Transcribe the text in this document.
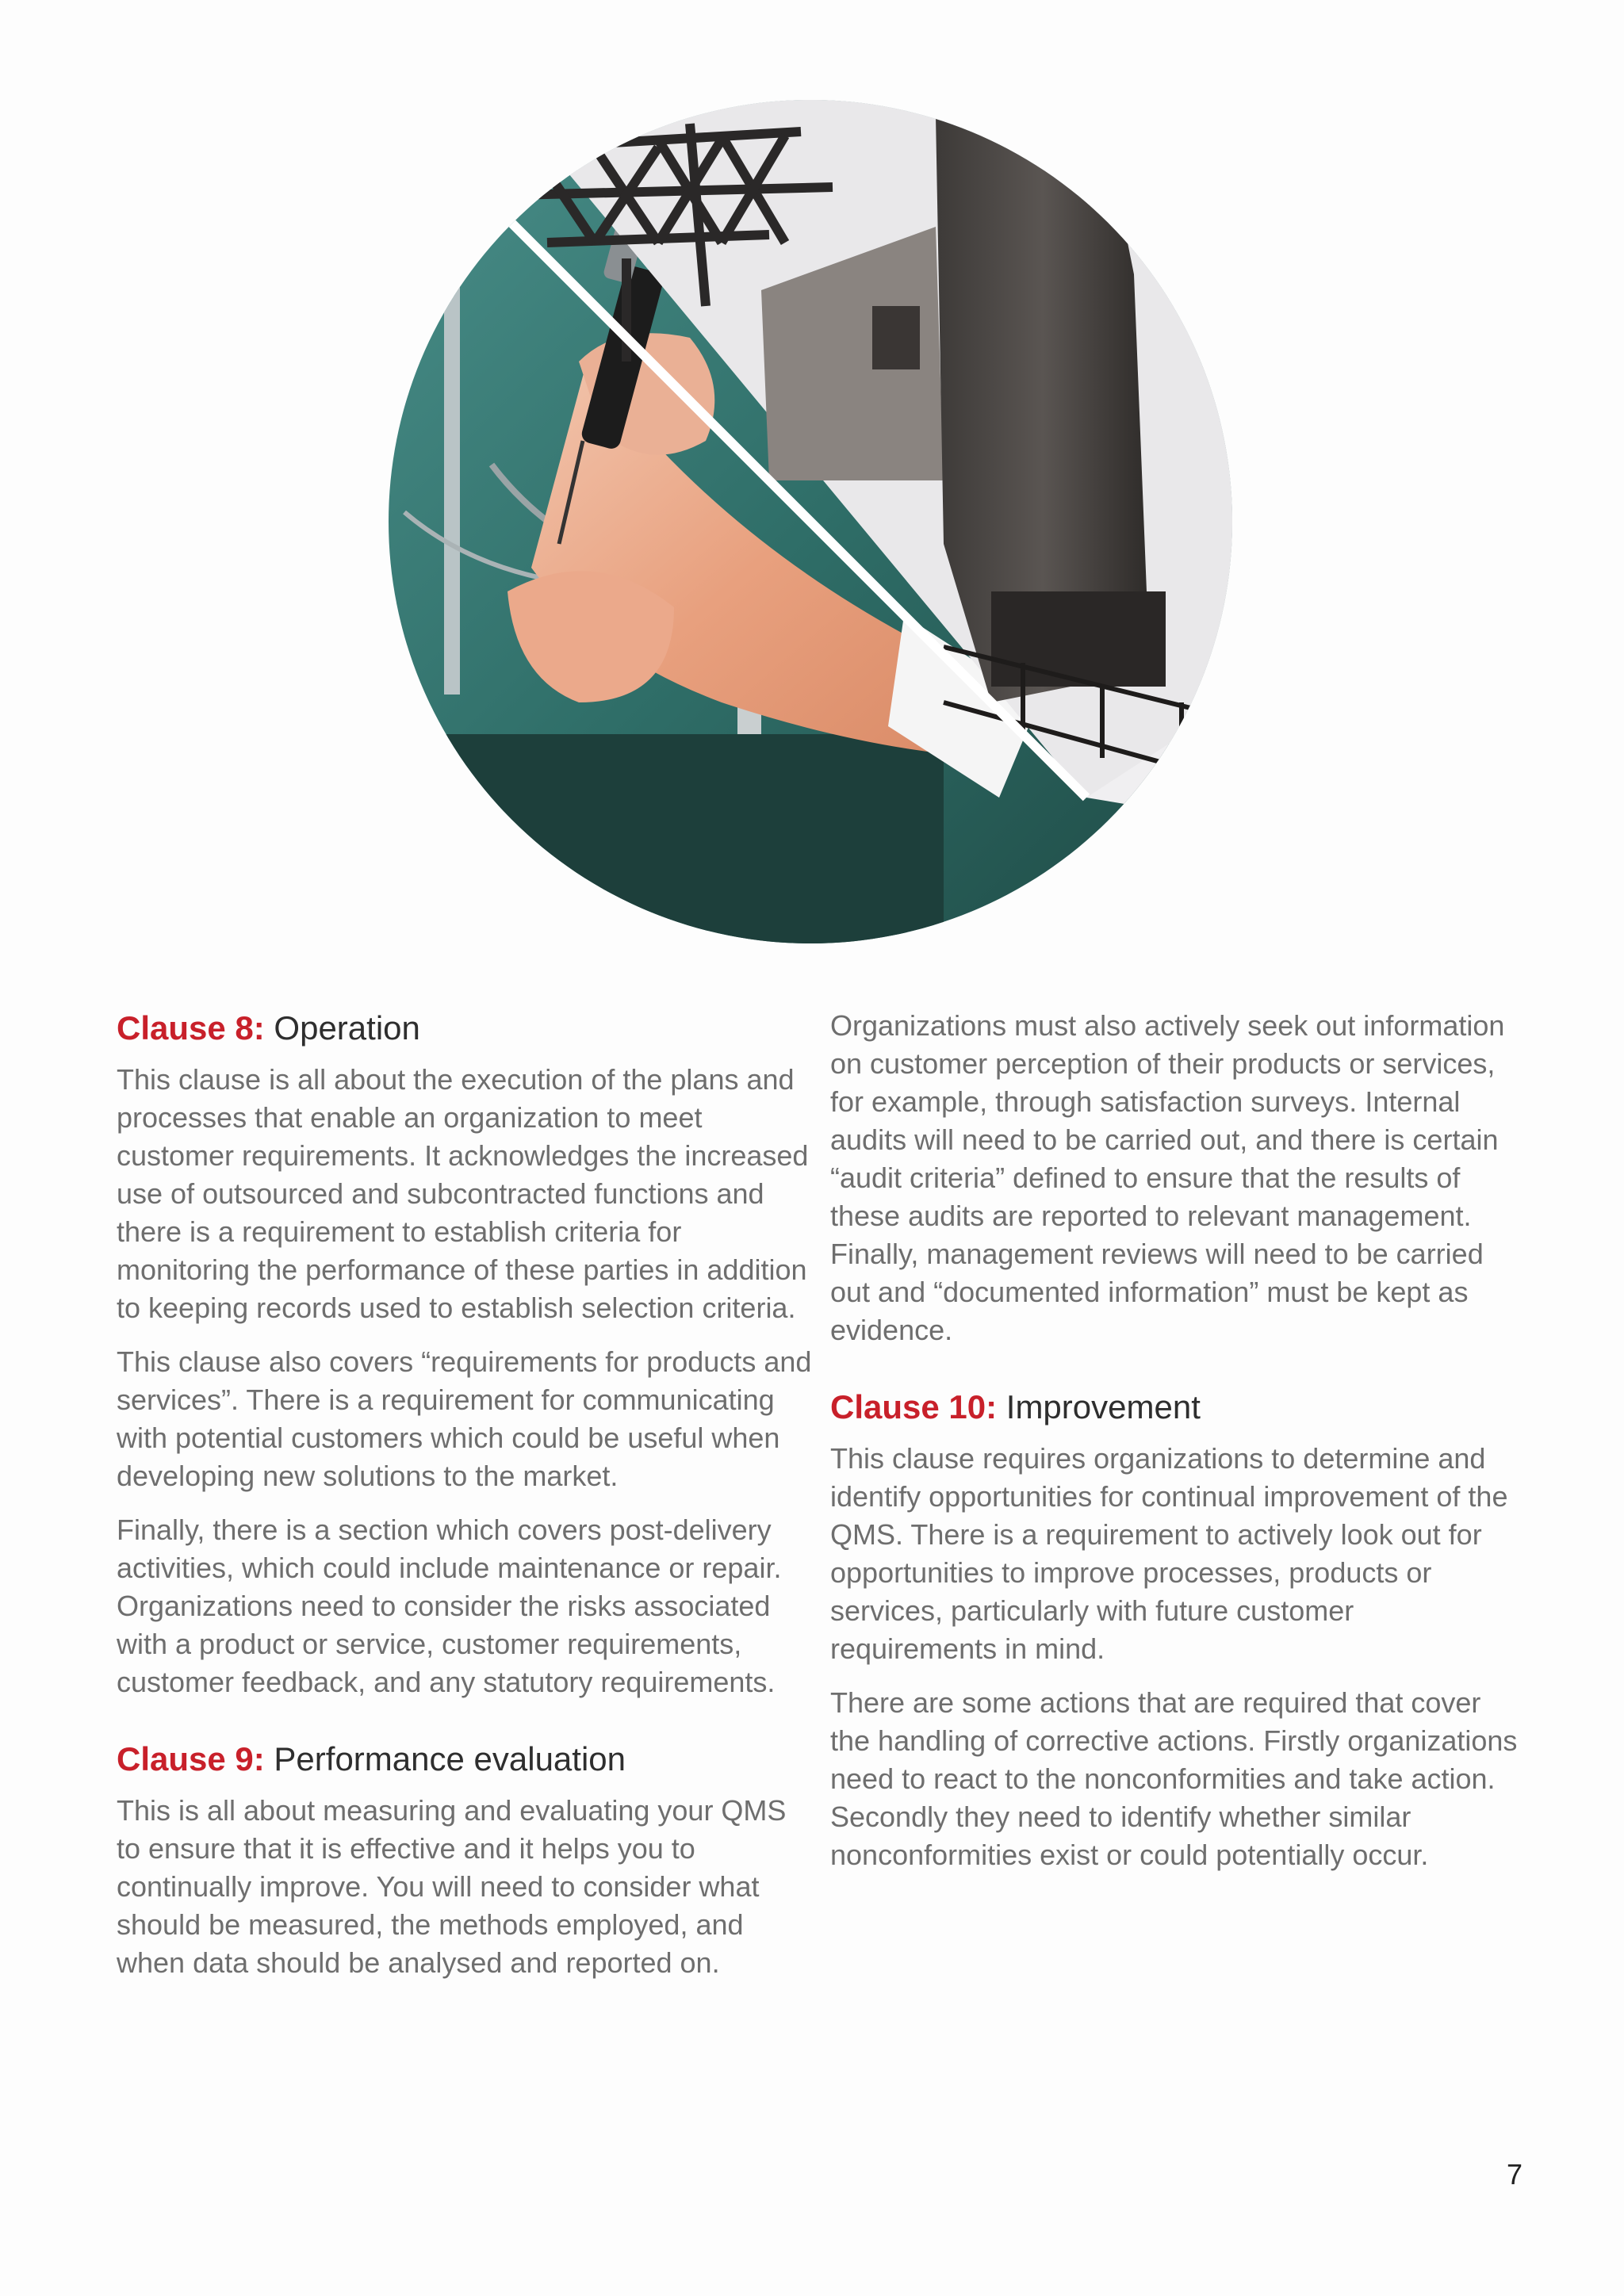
Clause 8: Operation

This clause is all about the execution of the plans and processes that enable an organization to meet customer requirements. It acknowledges the increased use of outsourced and subcontracted functions and there is a requirement to establish criteria for monitoring the performance of these parties in addition to keeping records used to establish selection criteria.

This clause also covers “requirements for products and services”. There is a requirement for communicating with potential customers which could be useful when developing new solutions to the market.

Finally, there is a section which covers post-delivery activities, which could include maintenance or repair. Organizations need to consider the risks associated with a product or service, customer requirements, customer feedback, and any statutory requirements.

Clause 9: Performance evaluation

This is all about measuring and evaluating your QMS to ensure that it is effective and it helps you to continually improve. You will need to consider what should be measured, the methods employed, and when data should be analysed and reported on.

Organizations must also actively seek out information on customer perception of their products or services, for example, through satisfaction surveys. Internal audits will need to be carried out, and there is certain “audit criteria” defined to ensure that the results of these audits are reported to relevant management. Finally, management reviews will need to be carried out and “documented information” must be kept as evidence.

Clause 10: Improvement

This clause requires organizations to determine and identify opportunities for continual improvement of the QMS. There is a requirement to actively look out for opportunities to improve processes, products or services, particularly with future customer requirements in mind.

There are some actions that are required that cover the handling of corrective actions. Firstly organizations need to react to the nonconformities and take action. Secondly they need to identify whether similar nonconformities exist or could potentially occur.

7
